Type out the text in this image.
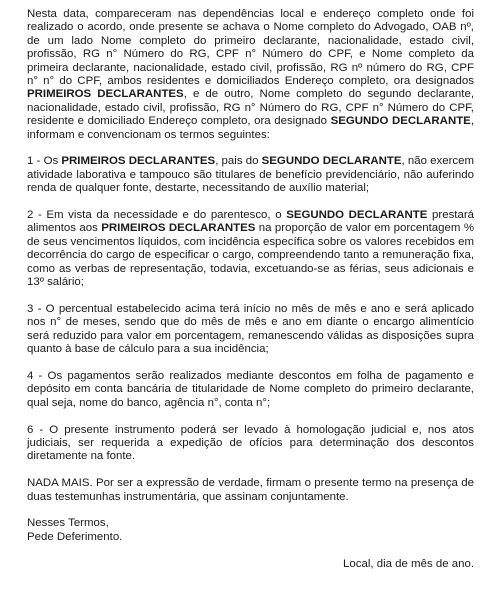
Nesta data, compareceram nas dependências local e endereço completo onde foi realizado o acordo, onde presente se achava o Nome completo do Advogado, OAB nº, de um lado Nome completo do primeiro declarante, nacionalidade, estado civil, profissão, RG n° Número do RG, CPF n° Número do CPF, e Nome completo da primeira declarante, nacionalidade, estado civil, profissão, RG nº número do RG, CPF n° n° do CPF, ambos residentes e domiciliados Endereço completo, ora designados PRIMEIROS DECLARANTES, e de outro, Nome completo do segundo declarante, nacionalidade, estado civil, profissão, RG n° Número do RG, CPF n° Número do CPF, residente e domiciliado Endereço completo, ora designado SEGUNDO DECLARANTE, informam e convencionam os termos seguintes:

1 - Os PRIMEIROS DECLARANTES, pais do SEGUNDO DECLARANTE, não exercem atividade laborativa e tampouco são titulares de benefício previdenciário, não auferindo renda de qualquer fonte, destarte, necessitando de auxílio material;

2 - Em vista da necessidade e do parentesco, o SEGUNDO DECLARANTE prestará alimentos aos PRIMEIROS DECLARANTES na proporção de valor em porcentagem % de seus vencimentos líquidos, com incidência específica sobre os valores recebidos em decorrência do cargo de especificar o cargo, compreendendo tanto a remuneração fixa, como as verbas de representação, todavia, excetuando-se as férias, seus adicionais e 13º salário;

3 - O percentual estabelecido acima terá início no mês de mês e ano e será aplicado nos n° de meses, sendo que do mês de mês e ano em diante o encargo alimentício será reduzido para valor em porcentagem, remanescendo válidas as disposições supra quanto à base de cálculo para a sua incidência;

4 - Os pagamentos serão realizados mediante descontos em folha de pagamento e depósito em conta bancária de titularidade de Nome completo do primeiro declarante, qual seja, nome do banco, agência n°, conta n°;

6 - O presente instrumento poderá ser levado à homologação judicial e, nos atos judiciais, ser requerida a expedição de ofícios para determinação dos descontos diretamente na fonte.

NADA MAIS. Por ser a expressão de verdade, firmam o presente termo na presença de duas testemunhas instrumentária, que assinam conjuntamente.

Nesses Termos,
Pede Deferimento.
Local, dia de mês de ano.
